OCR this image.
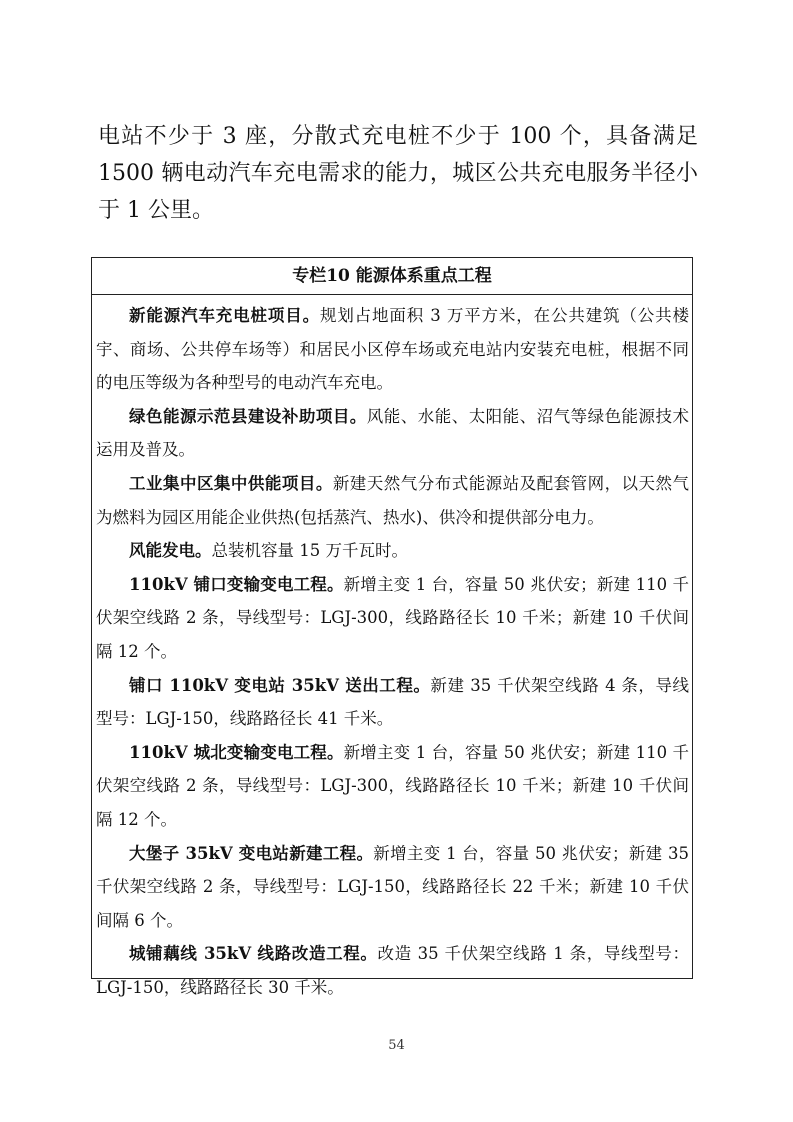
电站不少于 3 座，分散式充电桩不少于 100 个，具备满足 1500 辆电动汽车充电需求的能力，城区公共充电服务半径小于 1 公里。

专栏10 能源体系重点工程

新能源汽车充电桩项目。规划占地面积 3 万平方米，在公共建筑（公共楼宇、商场、公共停车场等）和居民小区停车场或充电站内安装充电桩，根据不同的电压等级为各种型号的电动汽车充电。

绿色能源示范县建设补助项目。风能、水能、太阳能、沼气等绿色能源技术运用及普及。

工业集中区集中供能项目。新建天然气分布式能源站及配套管网，以天然气为燃料为园区用能企业供热(包括蒸汽、热水)、供冷和提供部分电力。

风能发电。总装机容量 15 万千瓦时。

110kV 铺口变输变电工程。新增主变 1 台，容量 50 兆伏安；新建 110 千伏架空线路 2 条，导线型号：LGJ-300，线路路径长 10 千米；新建 10 千伏间隔 12 个。

铺口 110kV 变电站 35kV 送出工程。新建 35 千伏架空线路 4 条，导线型号：LGJ-150，线路路径长 41 千米。

110kV 城北变输变电工程。新增主变 1 台，容量 50 兆伏安；新建 110 千伏架空线路 2 条，导线型号：LGJ-300，线路路径长 10 千米；新建 10 千伏间隔 12 个。

大堡子 35kV 变电站新建工程。新增主变 1 台，容量 50 兆伏安；新建 35 千伏架空线路 2 条，导线型号：LGJ-150，线路路径长 22 千米；新建 10 千伏间隔 6 个。

城铺藕线 35kV 线路改造工程。改造 35 千伏架空线路 1 条，导线型号：LGJ-150，线路路径长 30 千米。

54
